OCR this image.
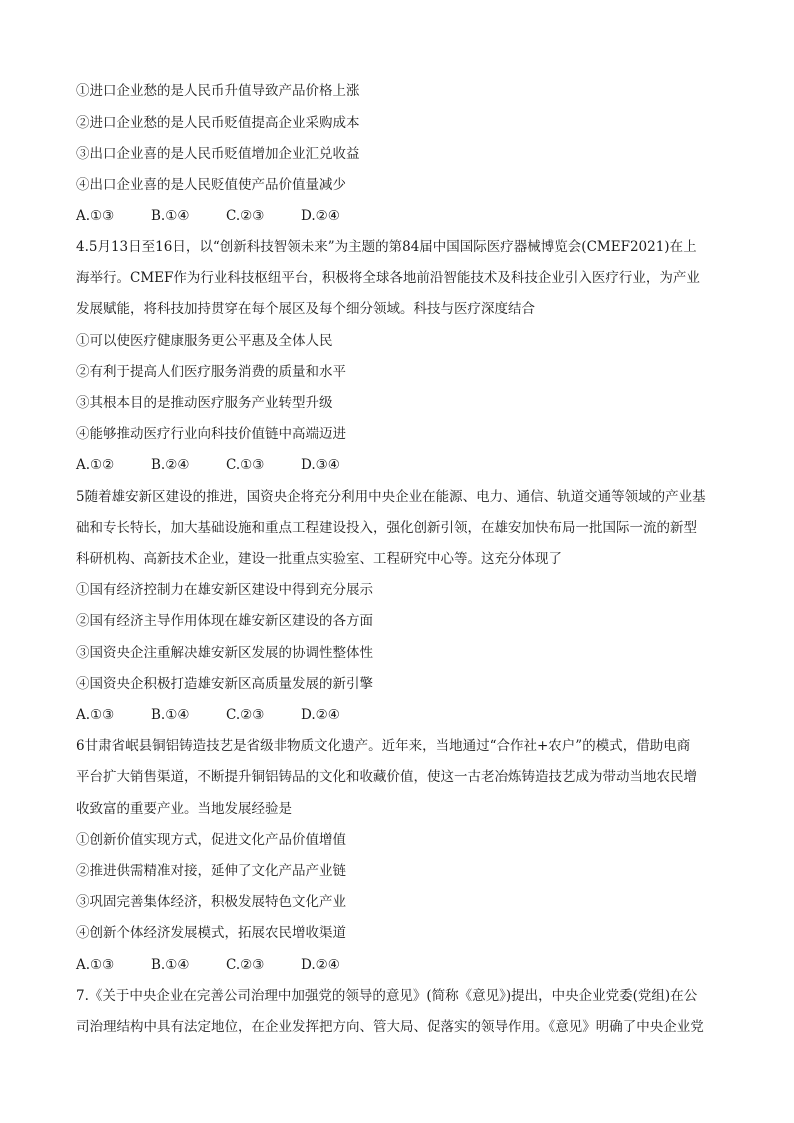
①进口企业愁的是人民币升值导致产品价格上涨
②进口企业愁的是人民币贬值提高企业采购成本
③出口企业喜的是人民币贬值增加企业汇兑收益
④出口企业喜的是人民贬值使产品价值量减少
A.①③	B.①④	C.②③	D.②④
4.5月13日至16日，以“创新科技智领未来”为主题的第84届中国国际医疗器械博览会(CMEF2021)在上
海举行。CMEF作为行业科技枢纽平台，积极将全球各地前沿智能技术及科技企业引入医疗行业，为产业
发展赋能，将科技加持贯穿在每个展区及每个细分领域。科技与医疗深度结合
①可以使医疗健康服务更公平惠及全体人民
②有利于提高人们医疗服务消费的质量和水平
③其根本目的是推动医疗服务产业转型升级
④能够推动医疗行业向科技价值链中高端迈进
A.①②	B.②④	C.①③	D.③④
5随着雄安新区建设的推进，国资央企将充分利用中央企业在能源、电力、通信、轨道交通等领域的产业基
础和专长特长，加大基础设施和重点工程建设投入，强化创新引领，在雄安加快布局一批国际一流的新型
科研机构、高新技术企业，建设一批重点实验室、工程研究中心等。这充分体现了
①国有经济控制力在雄安新区建设中得到充分展示
②国有经济主导作用体现在雄安新区建设的各方面
③国资央企注重解决雄安新区发展的协调性整体性
④国资央企积极打造雄安新区高质量发展的新引擎
A.①③	B.①④	C.②③	D.②④
6甘肃省岷县铜铝铸造技艺是省级非物质文化遗产。近年来，当地通过“合作社+农户”的模式，借助电商
平台扩大销售渠道，不断提升铜铝铸品的文化和收藏价值，使这一古老冶炼铸造技艺成为带动当地农民增
收致富的重要产业。当地发展经验是
①创新价值实现方式，促进文化产品价值增值
②推进供需精准对接，延伸了文化产品产业链
③巩固完善集体经济，积极发展特色文化产业
④创新个体经济发展模式，拓展农民增收渠道
A.①③	B.①④	C.②③	D.②④
7.《关于中央企业在完善公司治理中加强党的领导的意见》(简称《意见》)提出，中央企业党委(党组)在公
司治理结构中具有法定地位，在企业发挥把方向、管大局、促落实的领导作用。《意见》明确了中央企业党
